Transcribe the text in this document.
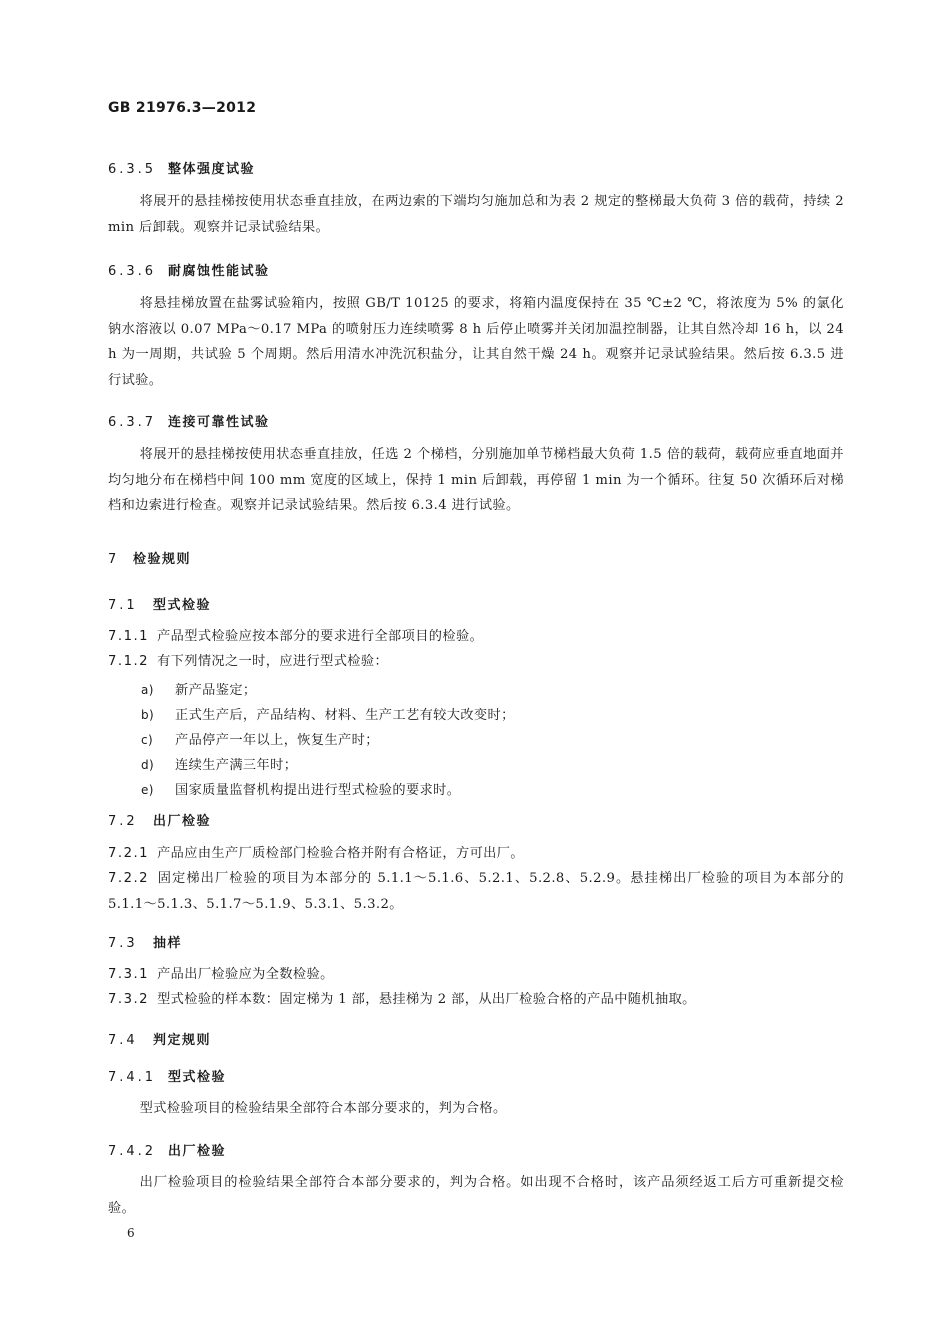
GB 21976.3—2012
6.3.5 整体强度试验

将展开的悬挂梯按使用状态垂直挂放，在两边索的下端均匀施加总和为表 2 规定的整梯最大负荷 3 倍的载荷，持续 2 min 后卸载。观察并记录试验结果。

6.3.6 耐腐蚀性能试验

将悬挂梯放置在盐雾试验箱内，按照 GB/T 10125 的要求，将箱内温度保持在 35 ℃±2 ℃，将浓度为 5% 的氯化钠水溶液以 0.07 MPa～0.17 MPa 的喷射压力连续喷雾 8 h 后停止喷雾并关闭加温控制器，让其自然冷却 16 h，以 24 h 为一周期，共试验 5 个周期。然后用清水冲洗沉积盐分，让其自然干燥 24 h。观察并记录试验结果。然后按 6.3.5 进行试验。

6.3.7 连接可靠性试验

将展开的悬挂梯按使用状态垂直挂放，任选 2 个梯档，分别施加单节梯档最大负荷 1.5 倍的载荷，载荷应垂直地面并均匀地分布在梯档中间 100 mm 宽度的区域上，保持 1 min 后卸载，再停留 1 min 为一个循环。往复 50 次循环后对梯档和边索进行检查。观察并记录试验结果。然后按 6.3.4 进行试验。

7 检验规则
7.1 型式检验

7.1.1 产品型式检验应按本部分的要求进行全部项目的检验。

7.1.2 有下列情况之一时，应进行型式检验：

a) 新产品鉴定；
b) 正式生产后，产品结构、材料、生产工艺有较大改变时；
c) 产品停产一年以上，恢复生产时；
d) 连续生产满三年时；
e) 国家质量监督机构提出进行型式检验的要求时。
7.2 出厂检验

7.2.1 产品应由生产厂质检部门检验合格并附有合格证，方可出厂。

7.2.2 固定梯出厂检验的项目为本部分的 5.1.1～5.1.6、5.2.1、5.2.8、5.2.9。悬挂梯出厂检验的项目为本部分的 5.1.1～5.1.3、5.1.7～5.1.9、5.3.1、5.3.2。

7.3 抽样

7.3.1 产品出厂检验应为全数检验。

7.3.2 型式检验的样本数：固定梯为 1 部，悬挂梯为 2 部，从出厂检验合格的产品中随机抽取。

7.4 判定规则
7.4.1 型式检验

型式检验项目的检验结果全部符合本部分要求的，判为合格。

7.4.2 出厂检验

出厂检验项目的检验结果全部符合本部分要求的，判为合格。如出现不合格时，该产品须经返工后方可重新提交检验。

6
